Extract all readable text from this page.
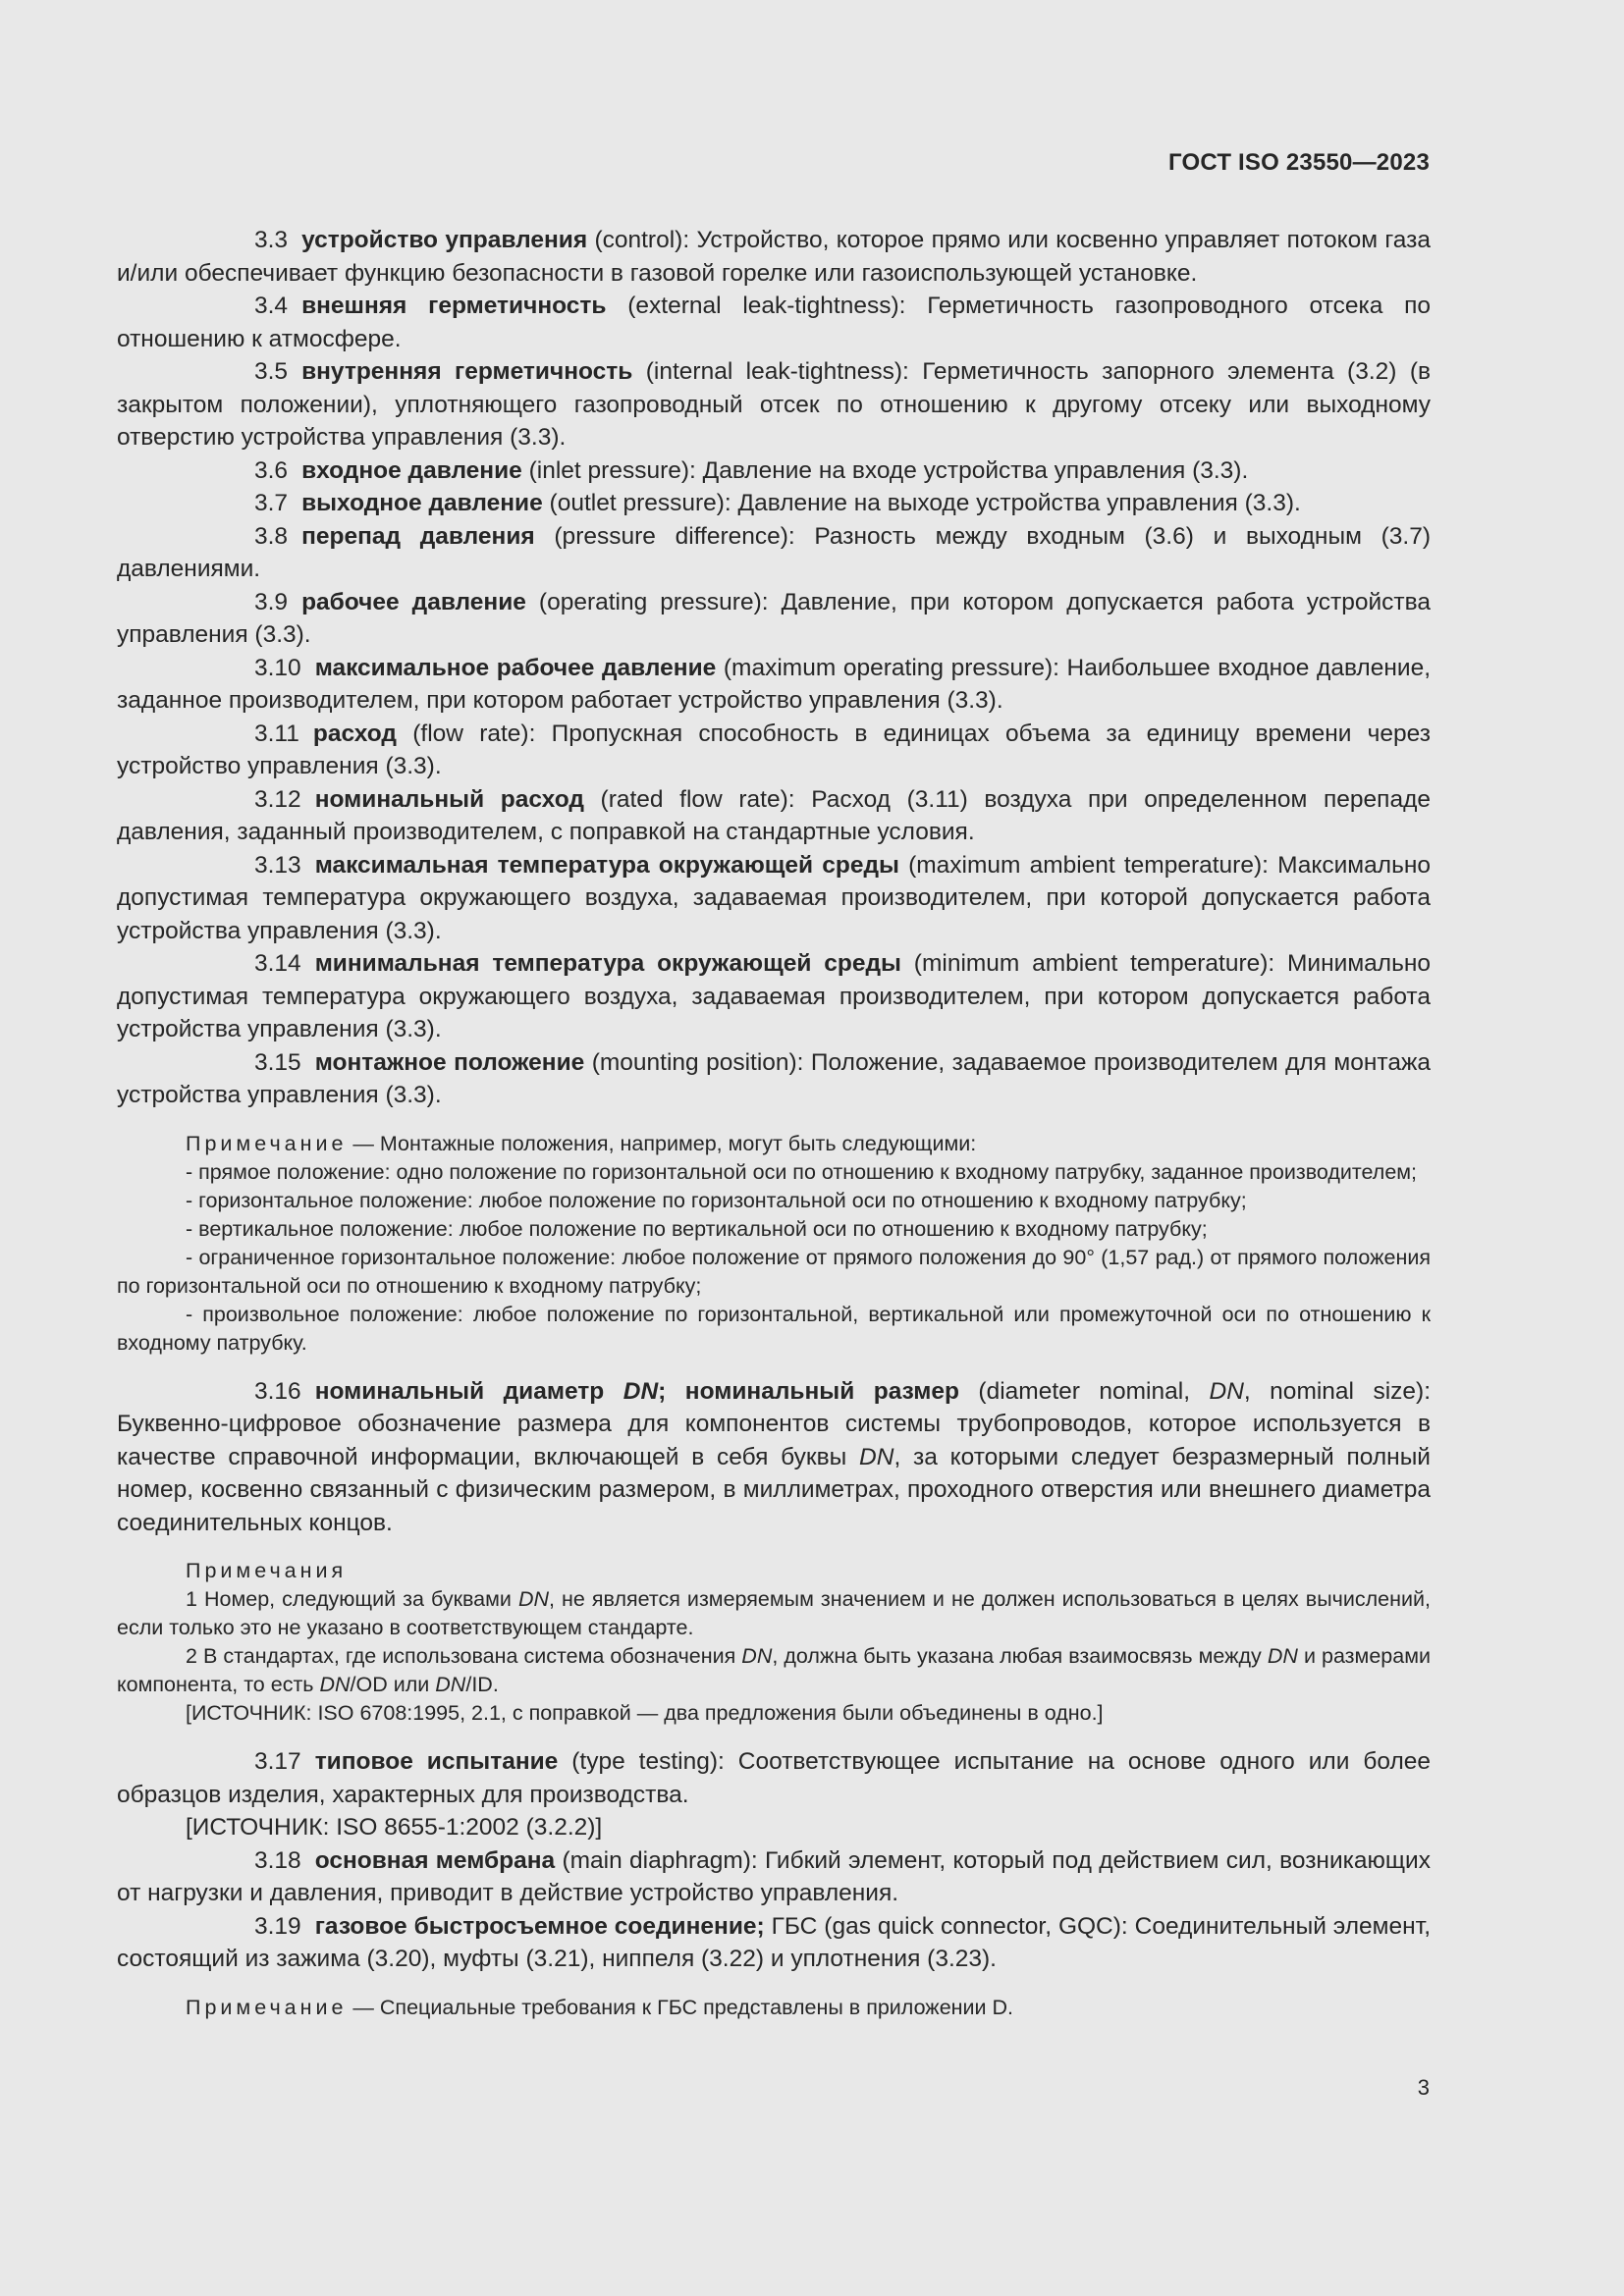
ГОСТ ISO 23550—2023

3.3 устройство управления (control): Устройство, которое прямо или косвенно управляет потоком газа и/или обеспечивает функцию безопасности в газовой горелке или газоиспользующей установке.

3.4 внешняя герметичность (external leak-tightness): Герметичность газопроводного отсека по отношению к атмосфере.

3.5 внутренняя герметичность (internal leak-tightness): Герметичность запорного элемента (3.2) (в закрытом положении), уплотняющего газопроводный отсек по отношению к другому отсеку или выходному отверстию устройства управления (3.3).

3.6 входное давление (inlet pressure): Давление на входе устройства управления (3.3).

3.7 выходное давление (outlet pressure): Давление на выходе устройства управления (3.3).

3.8 перепад давления (pressure difference): Разность между входным (3.6) и выходным (3.7) давлениями.

3.9 рабочее давление (operating pressure): Давление, при котором допускается работа устройства управления (3.3).

3.10 максимальное рабочее давление (maximum operating pressure): Наибольшее входное давление, заданное производителем, при котором работает устройство управления (3.3).

3.11 расход (flow rate): Пропускная способность в единицах объема за единицу времени через устройство управления (3.3).

3.12 номинальный расход (rated flow rate): Расход (3.11) воздуха при определенном перепаде давления, заданный производителем, с поправкой на стандартные условия.

3.13 максимальная температура окружающей среды (maximum ambient temperature): Максимально допустимая температура окружающего воздуха, задаваемая производителем, при которой допускается работа устройства управления (3.3).

3.14 минимальная температура окружающей среды (minimum ambient temperature): Минимально допустимая температура окружающего воздуха, задаваемая производителем, при котором допускается работа устройства управления (3.3).

3.15 монтажное положение (mounting position): Положение, задаваемое производителем для монтажа устройства управления (3.3).

Примечание — Монтажные положения, например, могут быть следующими:

- прямое положение: одно положение по горизонтальной оси по отношению к входному патрубку, заданное производителем;

- горизонтальное положение: любое положение по горизонтальной оси по отношению к входному патрубку;

- вертикальное положение: любое положение по вертикальной оси по отношению к входному патрубку;

- ограниченное горизонтальное положение: любое положение от прямого положения до 90° (1,57 рад.) от прямого положения по горизонтальной оси по отношению к входному патрубку;

- произвольное положение: любое положение по горизонтальной, вертикальной или промежуточной оси по отношению к входному патрубку.

3.16 номинальный диаметр DN; номинальный размер (diameter nominal, DN, nominal size): Буквенно-цифровое обозначение размера для компонентов системы трубопроводов, которое используется в качестве справочной информации, включающей в себя буквы DN, за которыми следует безразмерный полный номер, косвенно связанный с физическим размером, в миллиметрах, проходного отверстия или внешнего диаметра соединительных концов.

Примечания

1 Номер, следующий за буквами DN, не является измеряемым значением и не должен использоваться в целях вычислений, если только это не указано в соответствующем стандарте.

2 В стандартах, где использована система обозначения DN, должна быть указана любая взаимосвязь между DN и размерами компонента, то есть DN/OD или DN/ID.

[ИСТОЧНИК: ISO 6708:1995, 2.1, с поправкой — два предложения были объединены в одно.]

3.17 типовое испытание (type testing): Соответствующее испытание на основе одного или более образцов изделия, характерных для производства.

[ИСТОЧНИК: ISO 8655-1:2002 (3.2.2)]

3.18 основная мембрана (main diaphragm): Гибкий элемент, который под действием сил, возникающих от нагрузки и давления, приводит в действие устройство управления.

3.19 газовое быстросъемное соединение; ГБС (gas quick connector, GQC): Соединительный элемент, состоящий из зажима (3.20), муфты (3.21), ниппеля (3.22) и уплотнения (3.23).

Примечание — Специальные требования к ГБС представлены в приложении D.

3
